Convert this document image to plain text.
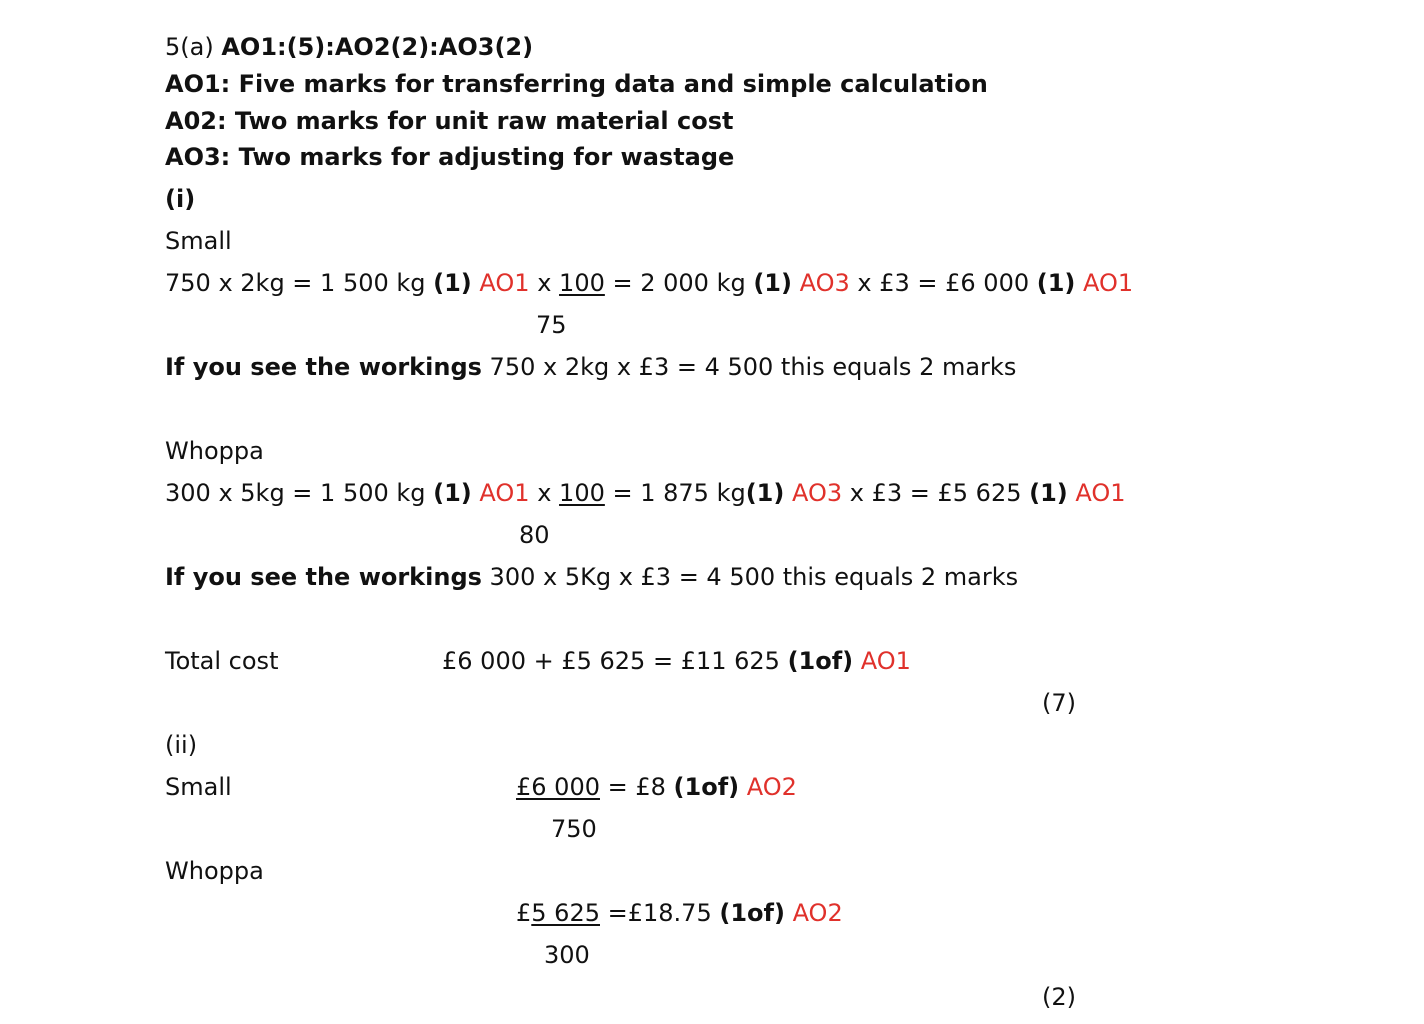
5(a) AO1:(5):AO2(2):AO3(2)
AO1: Five marks for transferring data and simple calculation
A02: Two marks for unit raw material cost
AO3: Two marks for adjusting for wastage
(i)
Small
750 x 2kg = 1 500 kg (1) AO1 x 100 = 2 000 kg (1) AO3 x £3 = £6 000 (1) AO1
75
If you see the workings 750 x 2kg x £3 = 4 500 this equals 2 marks
Whoppa
300 x 5kg = 1 500 kg (1) AO1 x 100 = 1 875 kg(1) AO3 x £3 = £5 625 (1) AO1
80
If you see the workings 300 x 5Kg x £3 = 4 500 this equals 2 marks
Total cost	£6 000 + £5 625 = £11 625 (1of) AO1
(7)
(ii)
Small	£6 000 = £8 (1of) AO2
750
Whoppa
£5 625 =£18.75 (1of) AO2
300
(2)
